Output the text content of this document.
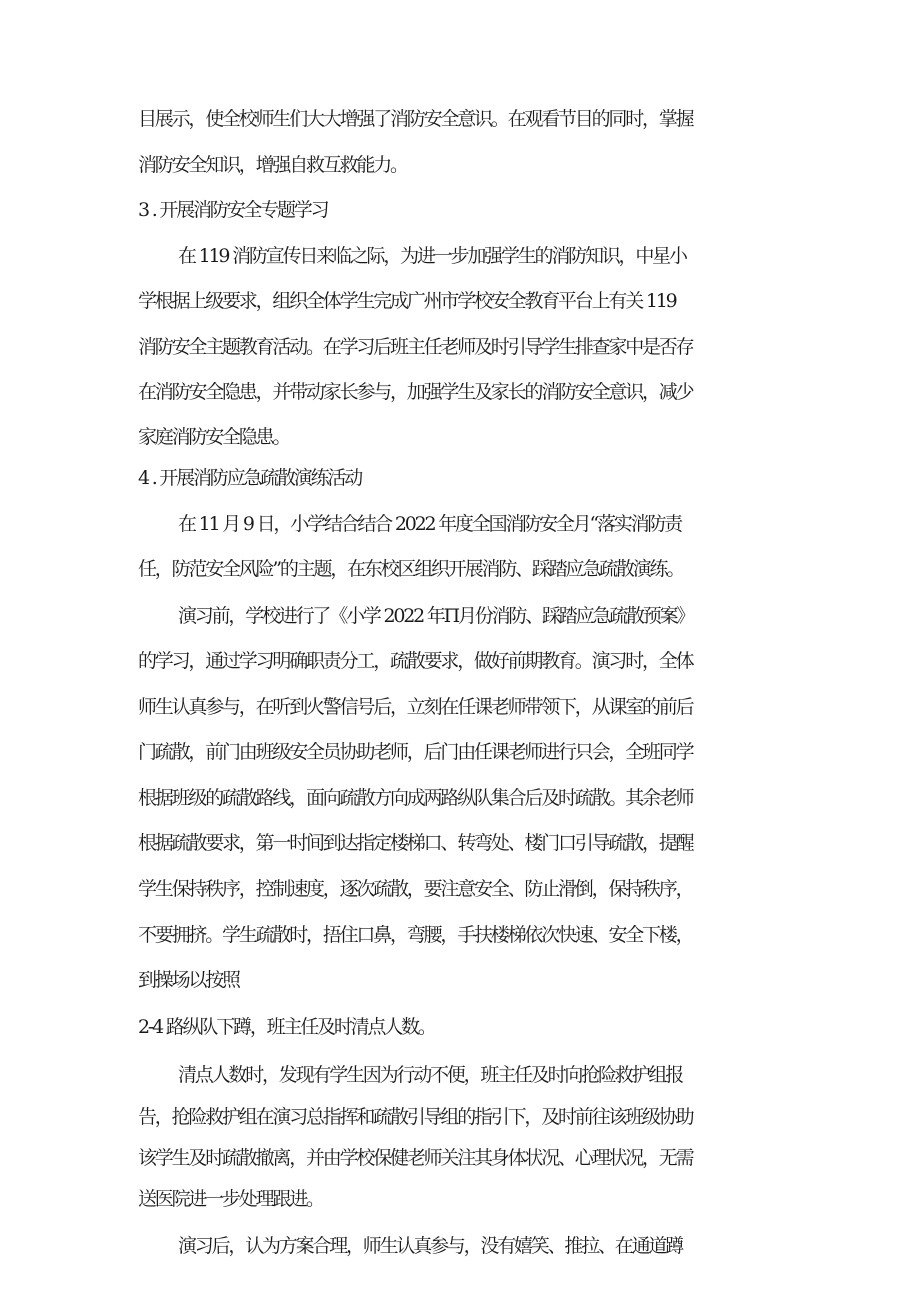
目展示，使全校师生们大大增强了消防安全意识。在观看节目的同时，掌握
消防安全知识，增强自救互救能力。
3 . 开展消防安全专题学习
在 119 消防宣传日来临之际，为进一步加强学生的消防知识，中星小
学根据上级要求，组织全体学生完成广州市学校安全教育平台上有关 119
消防安全主题教育活动。在学习后班主任老师及时引导学生排查家中是否存
在消防安全隐患，并带动家长参与，加强学生及家长的消防安全意识，减少
家庭消防安全隐患。
4 . 开展消防应急疏散演练活动
在 11 月 9 日，小学结合结合 2022 年度全国消防安全月“落实消防责
任，防范安全风险”的主题，在东校区组织开展消防、踩踏应急疏散演练。
演习前，学校进行了《小学 2022 年Π月份消防、踩踏应急疏散预案》
的学习，通过学习明确职责分工，疏散要求，做好前期教育。演习时，全体
师生认真参与，在听到火警信号后，立刻在任课老师带领下，从课室的前后
门疏散，前门由班级安全员协助老师，后门由任课老师进行只会，全班同学
根据班级的疏散路线，面向疏散方向成两路纵队集合后及时疏散。其余老师
根据疏散要求，第一时间到达指定楼梯口、转弯处、楼门口引导疏散，提醒
学生保持秩序，控制速度，逐次疏散，要注意安全、防止滑倒，保持秩序，
不要拥挤。学生疏散时，捂住口鼻，弯腰，手扶楼梯依次快速、安全下楼，
到操场以按照
2-4 路纵队下蹲，班主任及时清点人数。
清点人数时，发现有学生因为行动不便，班主任及时向抢险救护组报
告，抢险救护组在演习总指挥和疏散引导组的指引下，及时前往该班级协助
该学生及时疏散撤离，并由学校保健老师关注其身体状况、心理状况，无需
送医院进一步处理跟进。
演习后，认为方案合理，师生认真参与，没有嬉笑、推拉、在通道蹲
